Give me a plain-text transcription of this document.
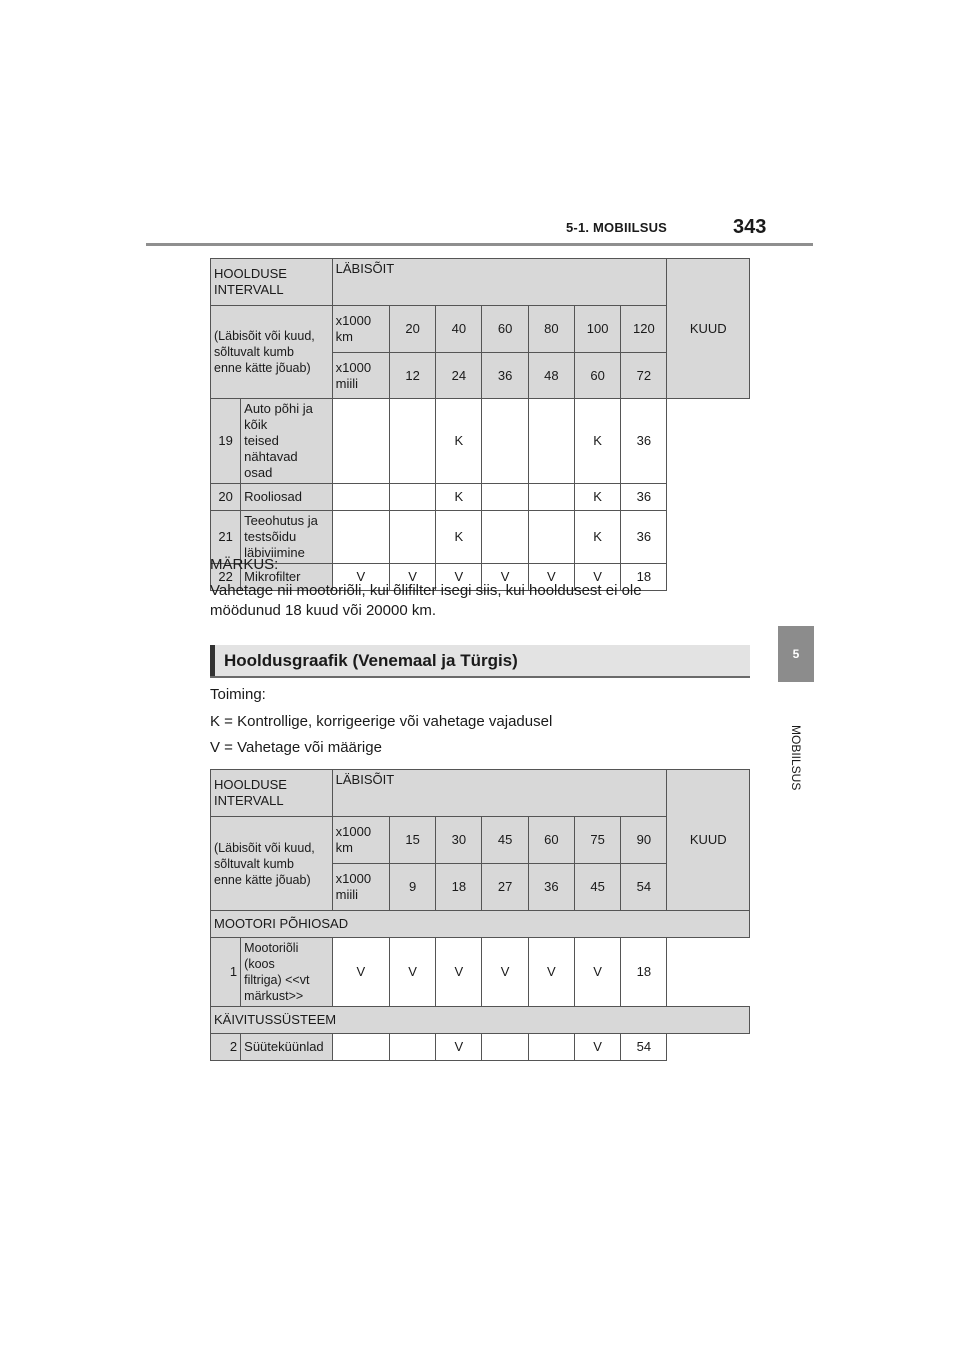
5-1. MOBIILSUS	343
5
MOBIILSUS
HOOLDUSE
INTERVALL		LÄBISÕIT							KUUD
(Läbisõit või kuud,
sõltuvalt kumb
enne kätte jõuab)		x1000
km	20	40	60	80	100	120	
		x1000
miili	12	24	36	48	60	72	
19	Auto põhi ja kõik
teised nähtavad osad			K			K	36	
20	Rooliosad			K			K	36	
21	Teeohutus ja testsõidu
läbiviimine			K			K	36	
22	Mikrofilter	V	V	V	V	V	V	18	
MÄRKUS:
Vahetage nii mootoriõli, kui õlifilter isegi siis, kui hooldusest ei ole
möödunud 18 kuud või 20000 km.
Hooldusgraafik (Venemaal ja Türgis)
Toiming:
K = Kontrollige, korrigeerige või vahetage vajadusel
V = Vahetage või määrige
HOOLDUSE
INTERVALL		LÄBISÕIT							KUUD
(Läbisõit või kuud,
sõltuvalt kumb
enne kätte jõuab)		x1000
km	15	30	45	60	75	90	
		x1000
miili	9	18	27	36	45	54	
MOOTORI PÕHIOSAD									
1	Mootoriõli (koos
filtriga) <<vt
märkust>>	V	V	V	V	V	V	18	
KÄIVITUSSÜSTEEM									
2	Süüteküünlad			V			V	54	
